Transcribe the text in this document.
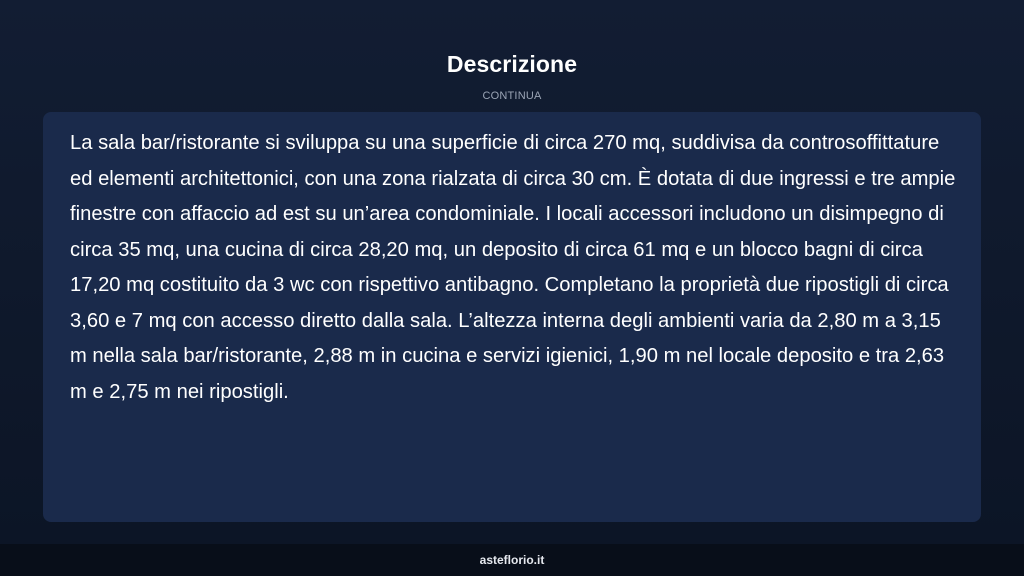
Descrizione
CONTINUA

La sala bar/ristorante si sviluppa su una superficie di circa 270 mq, suddivisa da controsoffittature ed elementi architettonici, con una zona rialzata di circa 30 cm. È dotata di due ingressi e tre ampie finestre con affaccio ad est su un’area condominiale. I locali accessori includono un disimpegno di circa 35 mq, una cucina di circa 28,20 mq, un deposito di circa 61 mq e un blocco bagni di circa 17,20 mq costituito da 3 wc con rispettivo antibagno. Completano la proprietà due ripostigli di circa 3,60 e 7 mq con accesso diretto dalla sala. L’altezza interna degli ambienti varia da 2,80 m a 3,15 m nella sala bar/ristorante, 2,88 m in cucina e servizi igienici, 1,90 m nel locale deposito e tra 2,63 m e 2,75 m nei ripostigli.

asteflorio.it
